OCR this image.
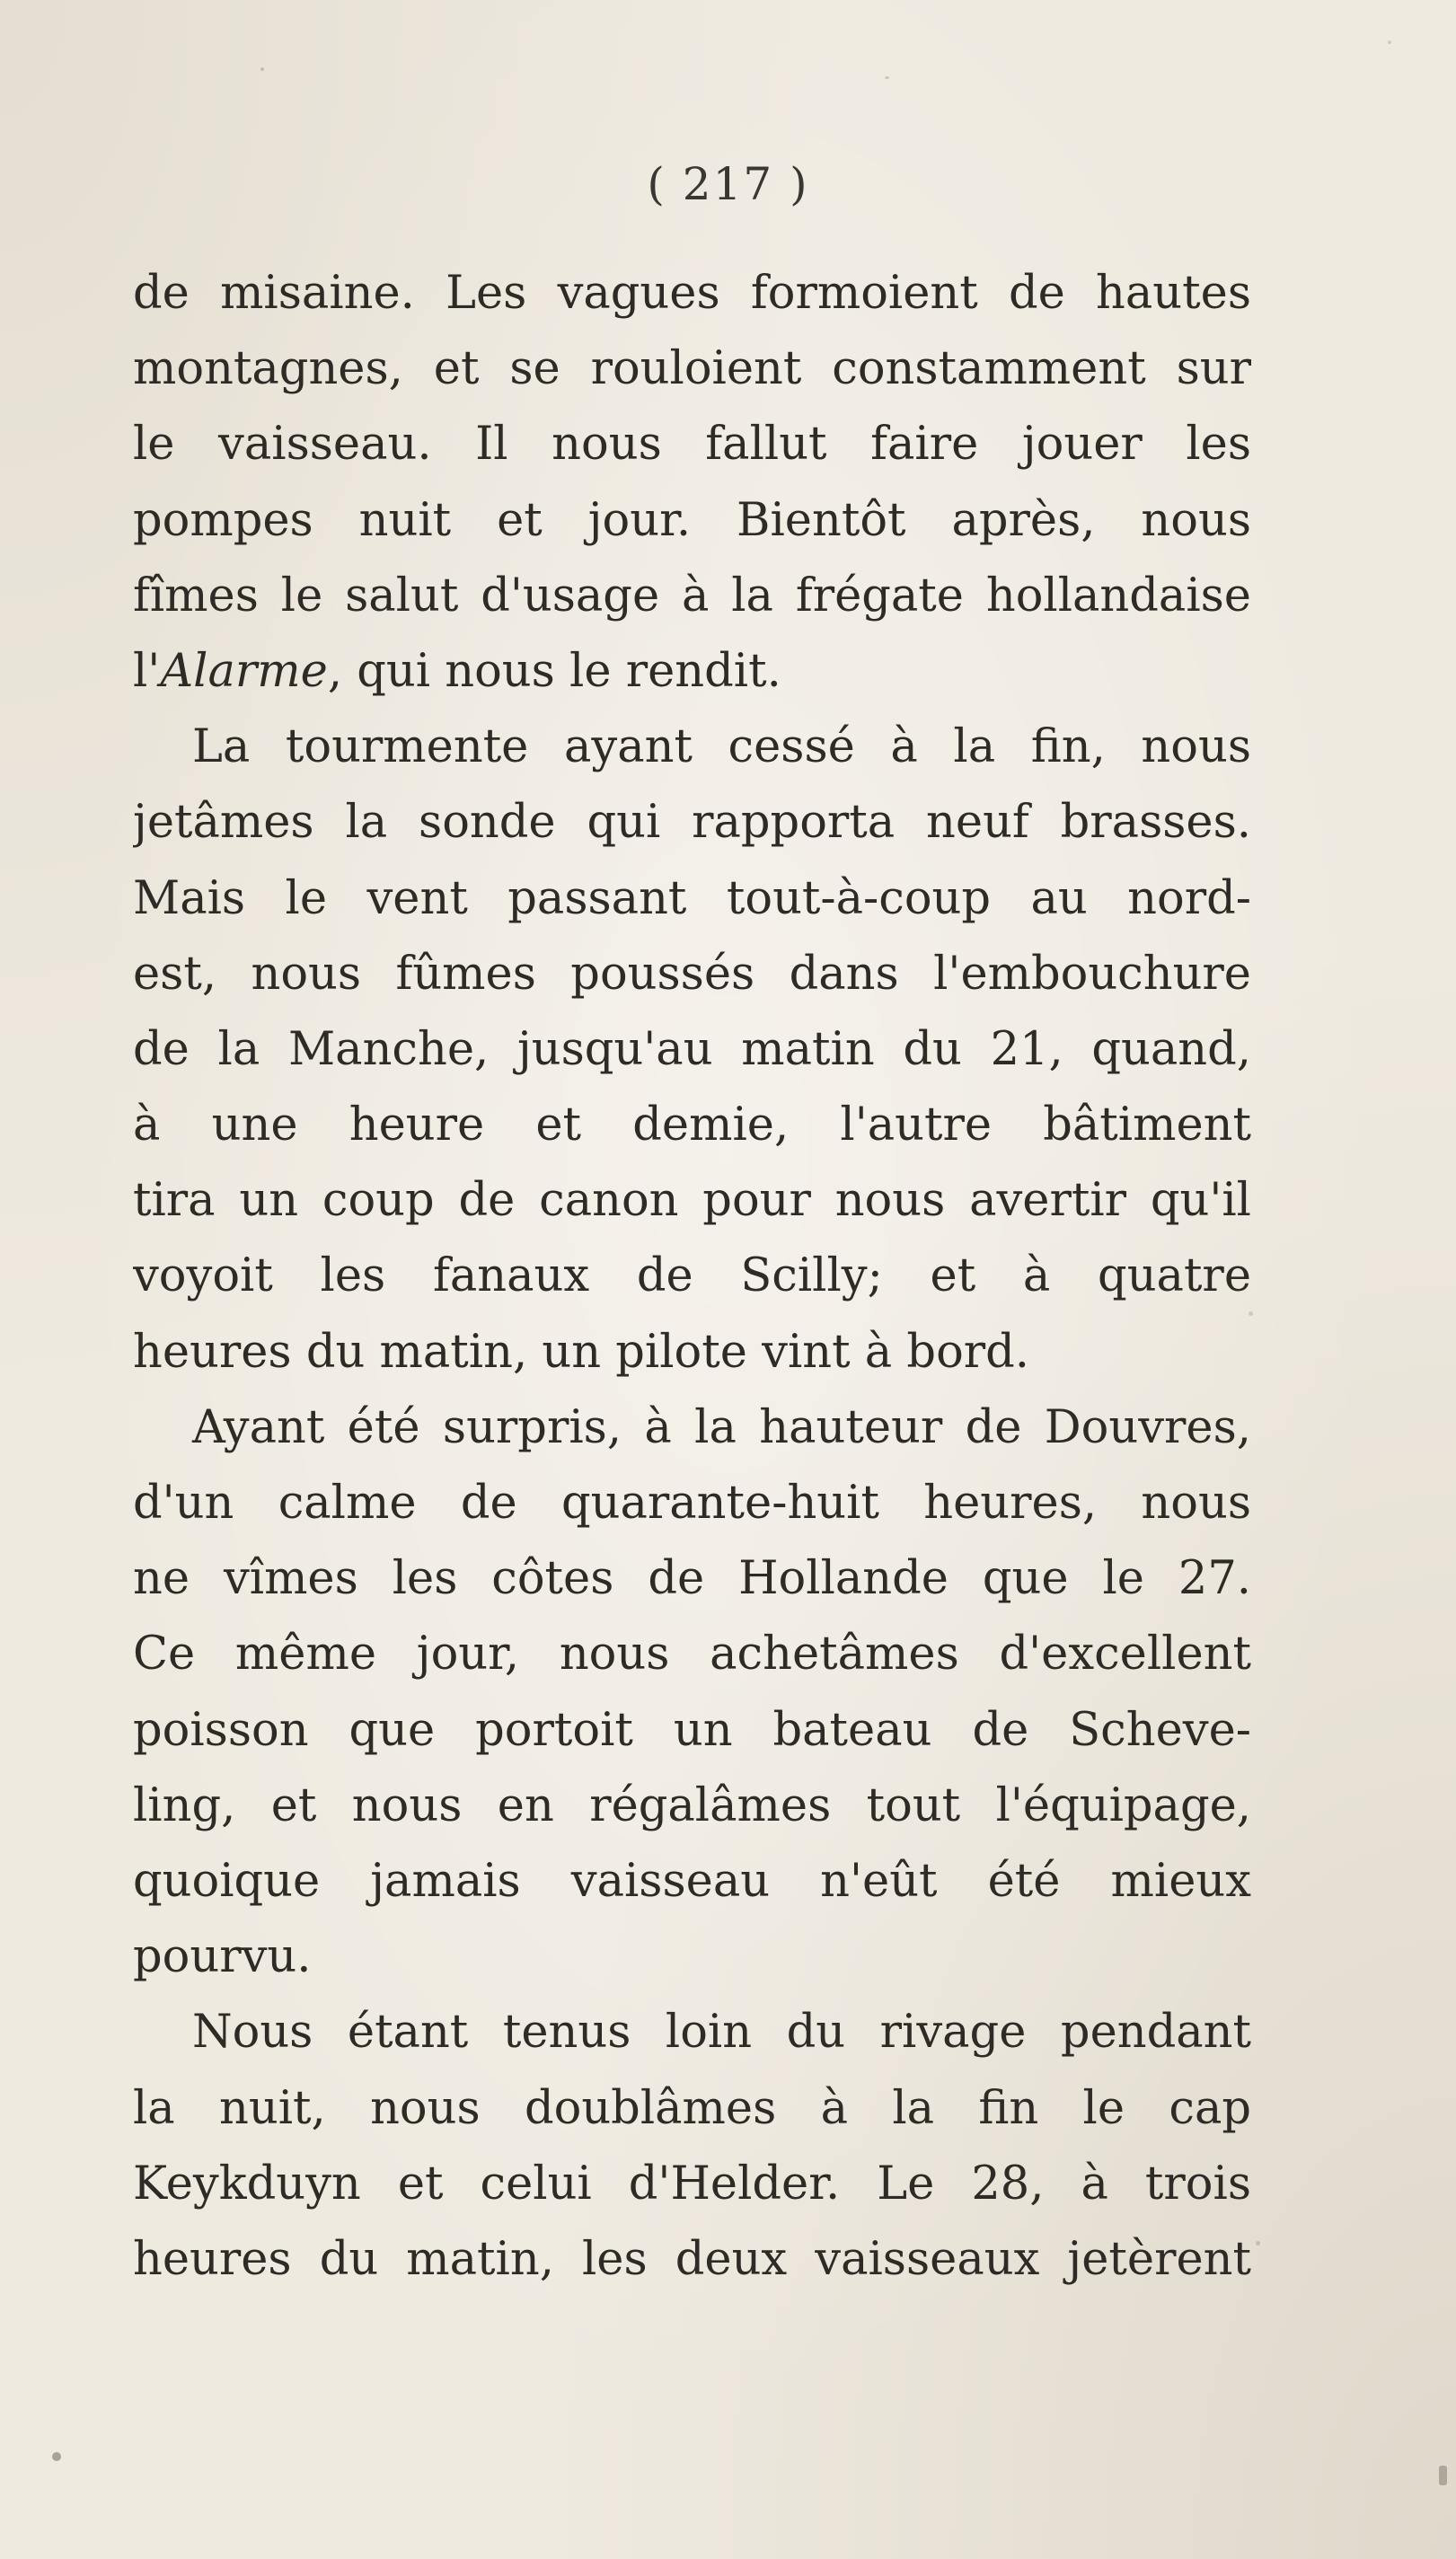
( 217 )
de misaine. Les vagues formoient de hautes
montagnes, et se rouloient constamment sur
le vaisseau. Il nous fallut faire jouer les
pompes nuit et jour. Bientôt après, nous
fîmes le salut d'usage à la frégate hollandaise
l'Alarme, qui nous le rendit.
La tourmente ayant cessé à la fin, nous
jetâmes la sonde qui rapporta neuf brasses.
Mais le vent passant tout-à-coup au nord-
est, nous fûmes poussés dans l'embouchure
de la Manche, jusqu'au matin du 21, quand,
à une heure et demie, l'autre bâtiment
tira un coup de canon pour nous avertir qu'il
voyoit les fanaux de Scilly; et à quatre
heures du matin, un pilote vint à bord.
Ayant été surpris, à la hauteur de Douvres,
d'un calme de quarante-huit heures, nous
ne vîmes les côtes de Hollande que le 27.
Ce même jour, nous achetâmes d'excellent
poisson que portoit un bateau de Scheve-
ling, et nous en régalâmes tout l'équipage,
quoique jamais vaisseau n'eût été mieux
pourvu.
Nous étant tenus loin du rivage pendant
la nuit, nous doublâmes à la fin le cap
Keykduyn et celui d'Helder. Le 28, à trois
heures du matin, les deux vaisseaux jetèrent
